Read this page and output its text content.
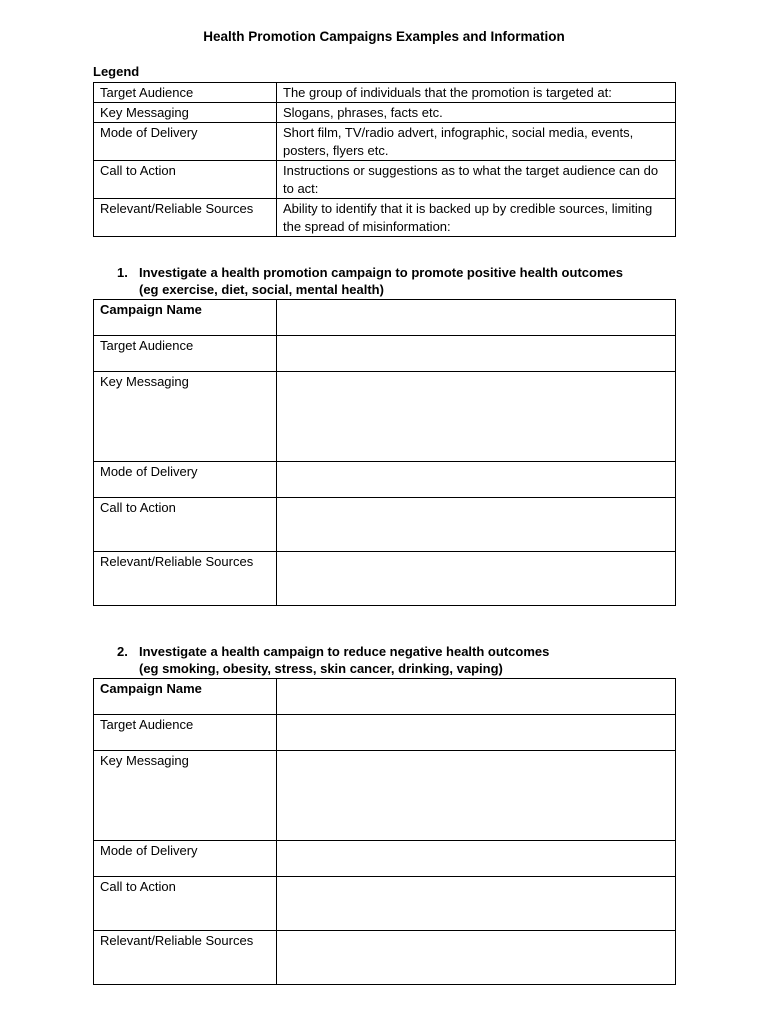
Health Promotion Campaigns Examples and Information
Legend
Target Audience	The group of individuals that the promotion is targeted at:
Key Messaging	Slogans, phrases, facts etc.
Mode of Delivery	Short film, TV/radio advert, infographic, social media, events, posters, flyers etc.
Call to Action	Instructions or suggestions as to what the target audience can do to act:
Relevant/Reliable Sources	Ability to identify that it is backed up by credible sources, limiting the spread of misinformation:
1. Investigate a health promotion campaign to promote positive health outcomes
(eg exercise, diet, social, mental health)
Campaign Name	
Target Audience	
Key Messaging	
Mode of Delivery	
Call to Action	
Relevant/Reliable Sources	
2. Investigate a health campaign to reduce negative health outcomes
(eg smoking, obesity, stress, skin cancer, drinking, vaping)
Campaign Name	
Target Audience	
Key Messaging	
Mode of Delivery	
Call to Action	
Relevant/Reliable Sources	
